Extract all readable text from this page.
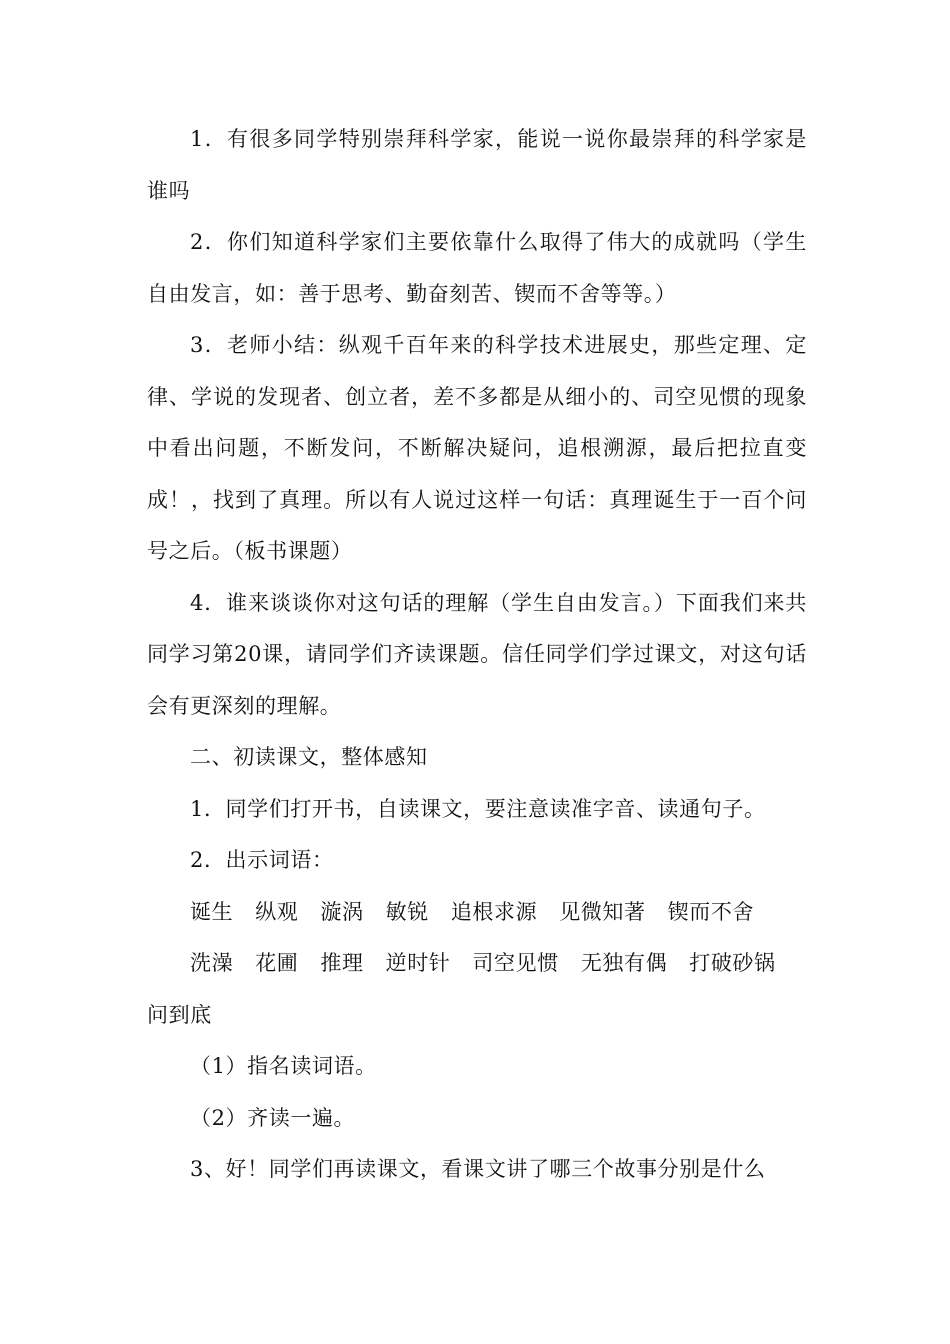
1．有很多同学特别崇拜科学家，能说一说你最崇拜的科学家是谁吗

2．你们知道科学家们主要依靠什么取得了伟大的成就吗（学生自由发言，如：善于思考、勤奋刻苦、锲而不舍等等。）

3．老师小结：纵观千百年来的科学技术进展史，那些定理、定律、学说的发现者、创立者，差不多都是从细小的、司空见惯的现象中看出问题，不断发问，不断解决疑问，追根溯源，最后把拉直变成！，找到了真理。所以有人说过这样一句话：真理诞生于一百个问号之后。（板书课题）

4．谁来谈谈你对这句话的理解（学生自由发言。）下面我们来共同学习第20课，请同学们齐读课题。信任同学们学过课文，对这句话会有更深刻的理解。

二、初读课文，整体感知

1．同学们打开书，自读课文，要注意读准字音、读通句子。

2．出示词语：

诞生 纵观 漩涡 敏锐 追根求源 见微知著 锲而不舍
洗澡 花圃 推理 逆时针 司空见惯 无独有偶 打破砂锅

问到底

（1）指名读词语。

（2）齐读一遍。

3、好！同学们再读课文，看课文讲了哪三个故事分别是什么
